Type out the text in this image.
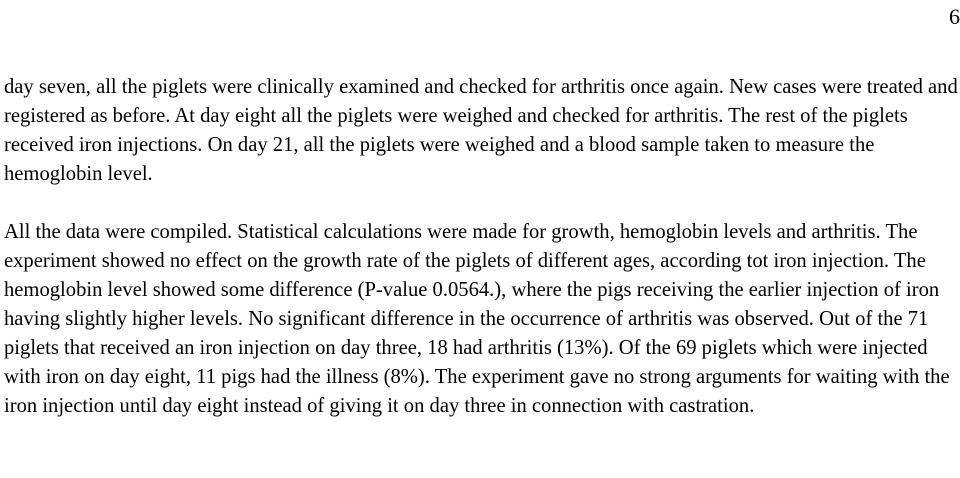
6

day seven, all the piglets were clinically examined and checked for arthritis once again. New cases were treated and registered as before. At day eight all the piglets were weighed and checked for arthritis. The rest of the piglets received iron injections. On day 21, all the piglets were weighed and a blood sample taken to measure the hemoglobin level.

All the data were compiled. Statistical calculations were made for growth, hemoglobin levels and arthritis. The experiment showed no effect on the growth rate of the piglets of different ages, according tot iron injection. The hemoglobin level showed some difference (P-value 0.0564.), where the pigs receiving the earlier injection of iron having slightly higher levels. No significant difference in the occurrence of arthritis was observed. Out of the 71 piglets that received an iron injection on day three, 18 had arthritis (13%). Of the 69 piglets which were injected with iron on day eight, 11 pigs had the illness (8%). The experiment gave no strong arguments for waiting with the iron injection until day eight instead of giving it on day three in connection with castration.
